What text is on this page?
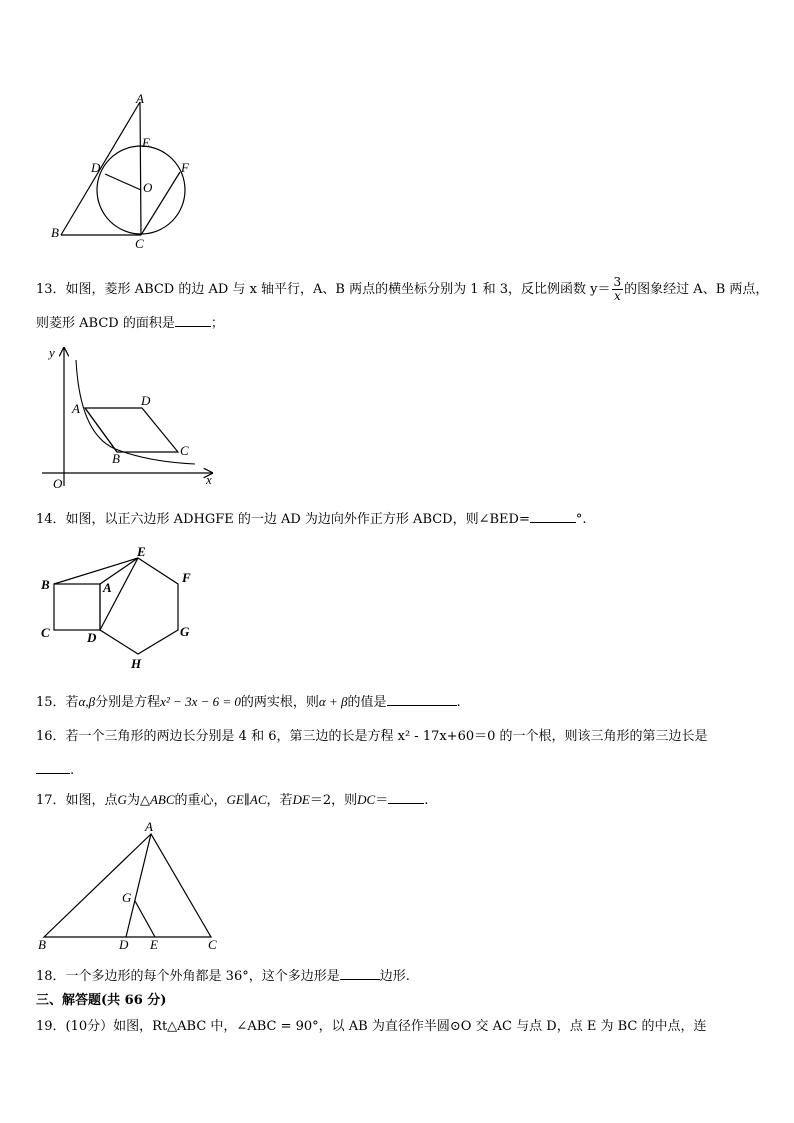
A
B
C
D
E
F
O
13．如图，菱形 ABCD 的边 AD 与 x 轴平行，A、B 两点的横坐标分别为 1 和 3，反比例函数 $y= \frac{3}{x}$ 的图象经过 A、B 两点，
则菱形 ABCD 的面积是	；
y
x
O
A
D
B
C
14．如图，以正六边形 ADHGFE 的一边 AD 为边向外作正方形 ABCD，则∠BED=	°.
E
F
G
H
B	A
C	D
15．若α,β分别是方程x² − 3x − 6 = 0的两实根，则α + β的值是	.
16．若一个三角形的两边长分别是 4 和 6，第三边的长是方程 x² - 17x+60＝0 的一个根，则该三角形的第三边长是
.
17．如图，点G为△ABC的重心，GE∥AC，若DE＝2，则DC＝	.
A
B	C
D E
G
18．一个多边形的每个外角都是 36°，这个多边形是	边形.
三、解答题(共 66 分)
19．(10分）如图，Rt△ABC 中，∠ABC = 90°，以 AB 为直径作半圆⊙O 交 AC 与点 D，点 E 为 BC 的中点，连
